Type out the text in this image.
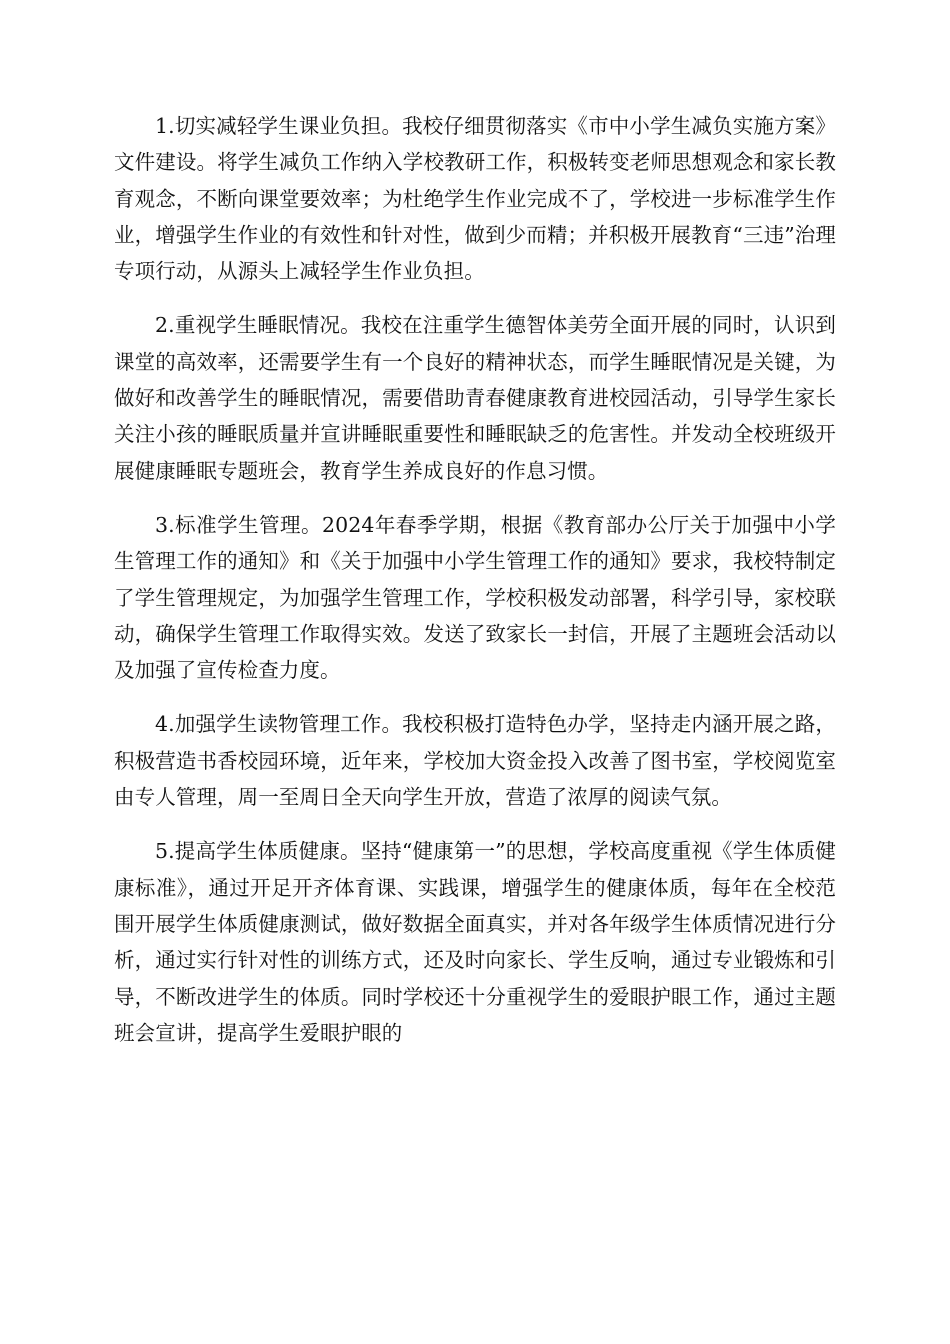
1.切实减轻学生课业负担。我校仔细贯彻落实《市中小学生减负实施方案》文件建设。将学生减负工作纳入学校教研工作，积极转变老师思想观念和家长教育观念，不断向课堂要效率；为杜绝学生作业完成不了，学校进一步标准学生作业，增强学生作业的有效性和针对性，做到少而精；并积极开展教育“三违”治理专项行动，从源头上减轻学生作业负担。

2.重视学生睡眠情况。我校在注重学生德智体美劳全面开展的同时，认识到课堂的高效率，还需要学生有一个良好的精神状态，而学生睡眠情况是关键，为做好和改善学生的睡眠情况，需要借助青春健康教育进校园活动，引导学生家长关注小孩的睡眠质量并宣讲睡眠重要性和睡眠缺乏的危害性。并发动全校班级开展健康睡眠专题班会，教育学生养成良好的作息习惯。

3.标准学生管理。2024年春季学期，根据《教育部办公厅关于加强中小学生管理工作的通知》和《关于加强中小学生管理工作的通知》要求，我校特制定了学生管理规定，为加强学生管理工作，学校积极发动部署，科学引导，家校联动，确保学生管理工作取得实效。发送了致家长一封信，开展了主题班会活动以及加强了宣传检查力度。

4.加强学生读物管理工作。我校积极打造特色办学，坚持走内涵开展之路，积极营造书香校园环境，近年来，学校加大资金投入改善了图书室，学校阅览室由专人管理，周一至周日全天向学生开放，营造了浓厚的阅读气氛。

5.提高学生体质健康。坚持“健康第一”的思想，学校高度重视《学生体质健康标准》，通过开足开齐体育课、实践课，增强学生的健康体质，每年在全校范围开展学生体质健康测试，做好数据全面真实，并对各年级学生体质情况进行分析，通过实行针对性的训练方式，还及时向家长、学生反响，通过专业锻炼和引导，不断改进学生的体质。同时学校还十分重视学生的爱眼护眼工作，通过主题班会宣讲，提高学生爱眼护眼的
